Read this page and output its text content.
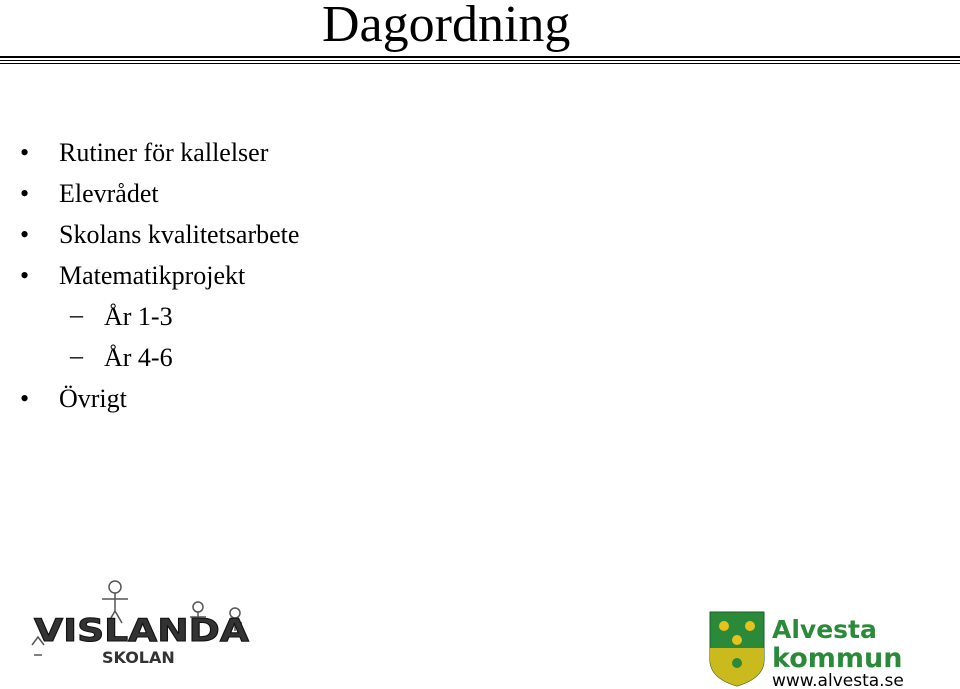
Dagordning
• Rutiner för kallelser
• Elevrådet
• Skolans kvalitetsarbete
• Matematikprojekt
– År 1-3
– År 4-6
• Övrigt
VISLANDA
SKOLAN
Alvesta
kommun
www.alvesta.se
